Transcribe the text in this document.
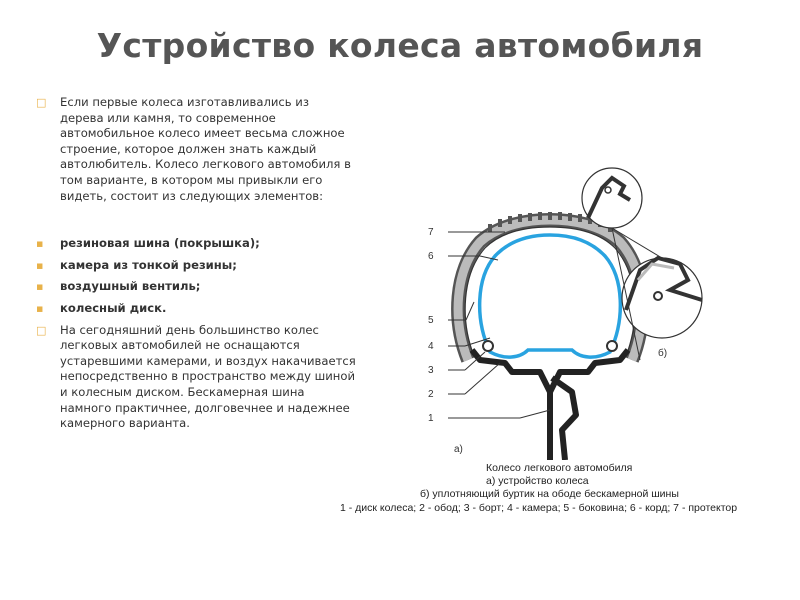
Устройство колеса автомобиля

□ Если первые колеса изготавливались из дерева или камня, то современное автомобильное колесо имеет весьма сложное строение, которое должен знать каждый автолюбитель. Колесо легкового автомобиля в том варианте, в котором мы привыкли его видеть, состоит из следующих элементов:

▪ резиновая шина (покрышка);

▪ камера из тонкой резины;

▪ воздушный вентиль;

▪ колесный диск.

□ На сегодняшний день большинство колес легковых автомобилей не оснащаются устаревшими камерами, и воздух накачивается непосредственно в пространство между шиной и колесным диском. Бескамерная шина намного практичнее, долговечнее и надежнее камерного варианта.

7
6
5
4
3
2
1
а)
б)
Колесо легкового автомобиля
а) устройство колеса
б) уплотняющий буртик на ободе бескамерной шины
1 - диск колеса; 2 - обод; 3 - борт; 4 - камера; 5 - боковина; 6 - корд; 7 - протектор
